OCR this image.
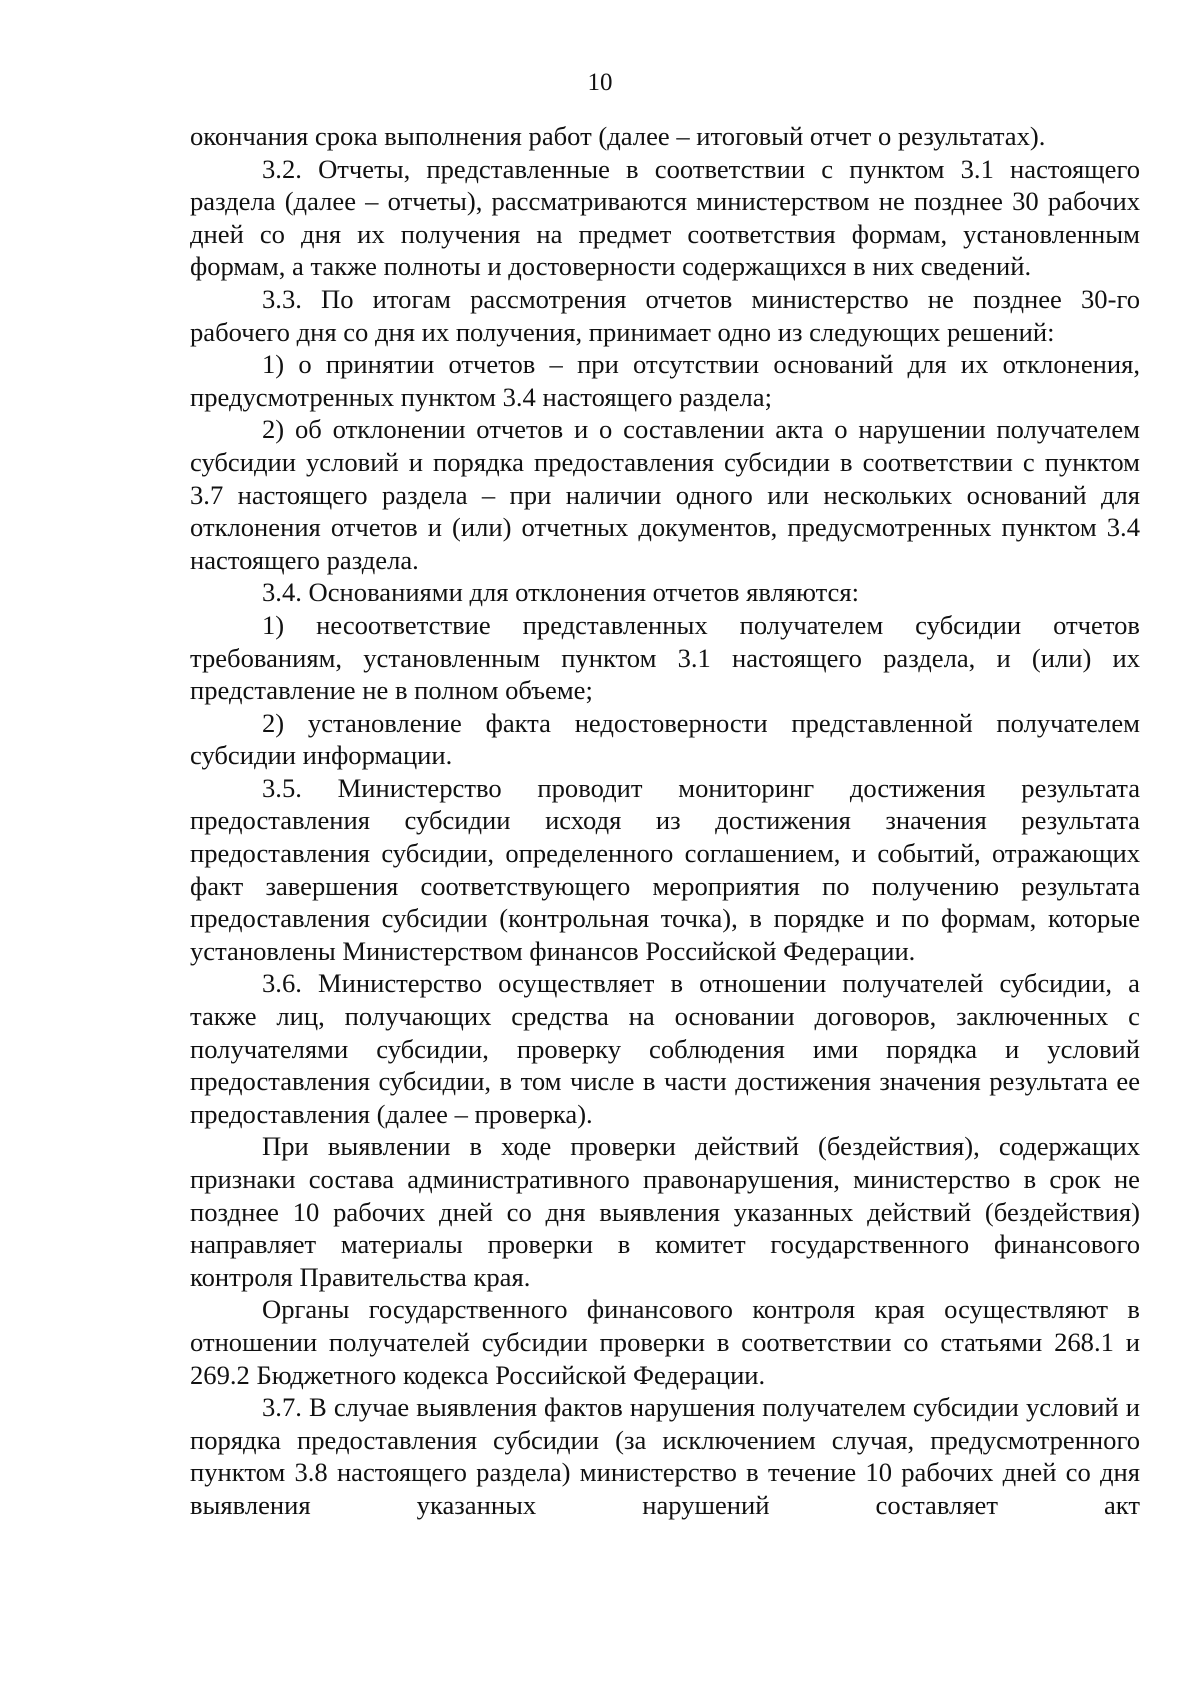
10

окончания срока выполнения работ (далее – итоговый отчет о результатах).

3.2. Отчеты, представленные в соответствии с пунктом 3.1 настоящего раздела (далее – отчеты), рассматриваются министерством не позднее 30 рабочих дней со дня их получения на предмет соответствия формам, установленным формам, а также полноты и достоверности содержащихся в них сведений.

3.3. По итогам рассмотрения отчетов министерство не позднее 30-го рабочего дня со дня их получения, принимает одно из следующих решений:

1) о принятии отчетов – при отсутствии оснований для их отклонения, предусмотренных пунктом 3.4 настоящего раздела;

2) об отклонении отчетов и о составлении акта о нарушении получателем субсидии условий и порядка предоставления субсидии в соответствии с пунктом 3.7 настоящего раздела – при наличии одного или нескольких оснований для отклонения отчетов и (или) отчетных документов, предусмотренных пунктом 3.4 настоящего раздела.

3.4. Основаниями для отклонения отчетов являются:

1) несоответствие представленных получателем субсидии отчетов требованиям, установленным пунктом 3.1 настоящего раздела, и (или) их представление не в полном объеме;

2) установление факта недостоверности представленной получателем субсидии информации.

3.5. Министерство проводит мониторинг достижения результата предоставления субсидии исходя из достижения значения результата предоставления субсидии, определенного соглашением, и событий, отражающих факт завершения соответствующего мероприятия по получению результата предоставления субсидии (контрольная точка), в порядке и по формам, которые установлены Министерством финансов Российской Федерации.

3.6. Министерство осуществляет в отношении получателей субсидии, а также лиц, получающих средства на основании договоров, заключенных с получателями субсидии, проверку соблюдения ими порядка и условий предоставления субсидии, в том числе в части достижения значения результата ее предоставления (далее – проверка).

При выявлении в ходе проверки действий (бездействия), содержащих признаки состава административного правонарушения, министерство в срок не позднее 10 рабочих дней со дня выявления указанных действий (бездействия) направляет материалы проверки в комитет государственного финансового контроля Правительства края.

Органы государственного финансового контроля края осуществляют в отношении получателей субсидии проверки в соответствии со статьями 268.1 и 269.2 Бюджетного кодекса Российской Федерации.

3.7. В случае выявления фактов нарушения получателем субсидии условий и порядка предоставления субсидии (за исключением случая, предусмотренного пунктом 3.8 настоящего раздела) министерство в течение 10 рабочих дней со дня выявления указанных нарушений составляет акт
